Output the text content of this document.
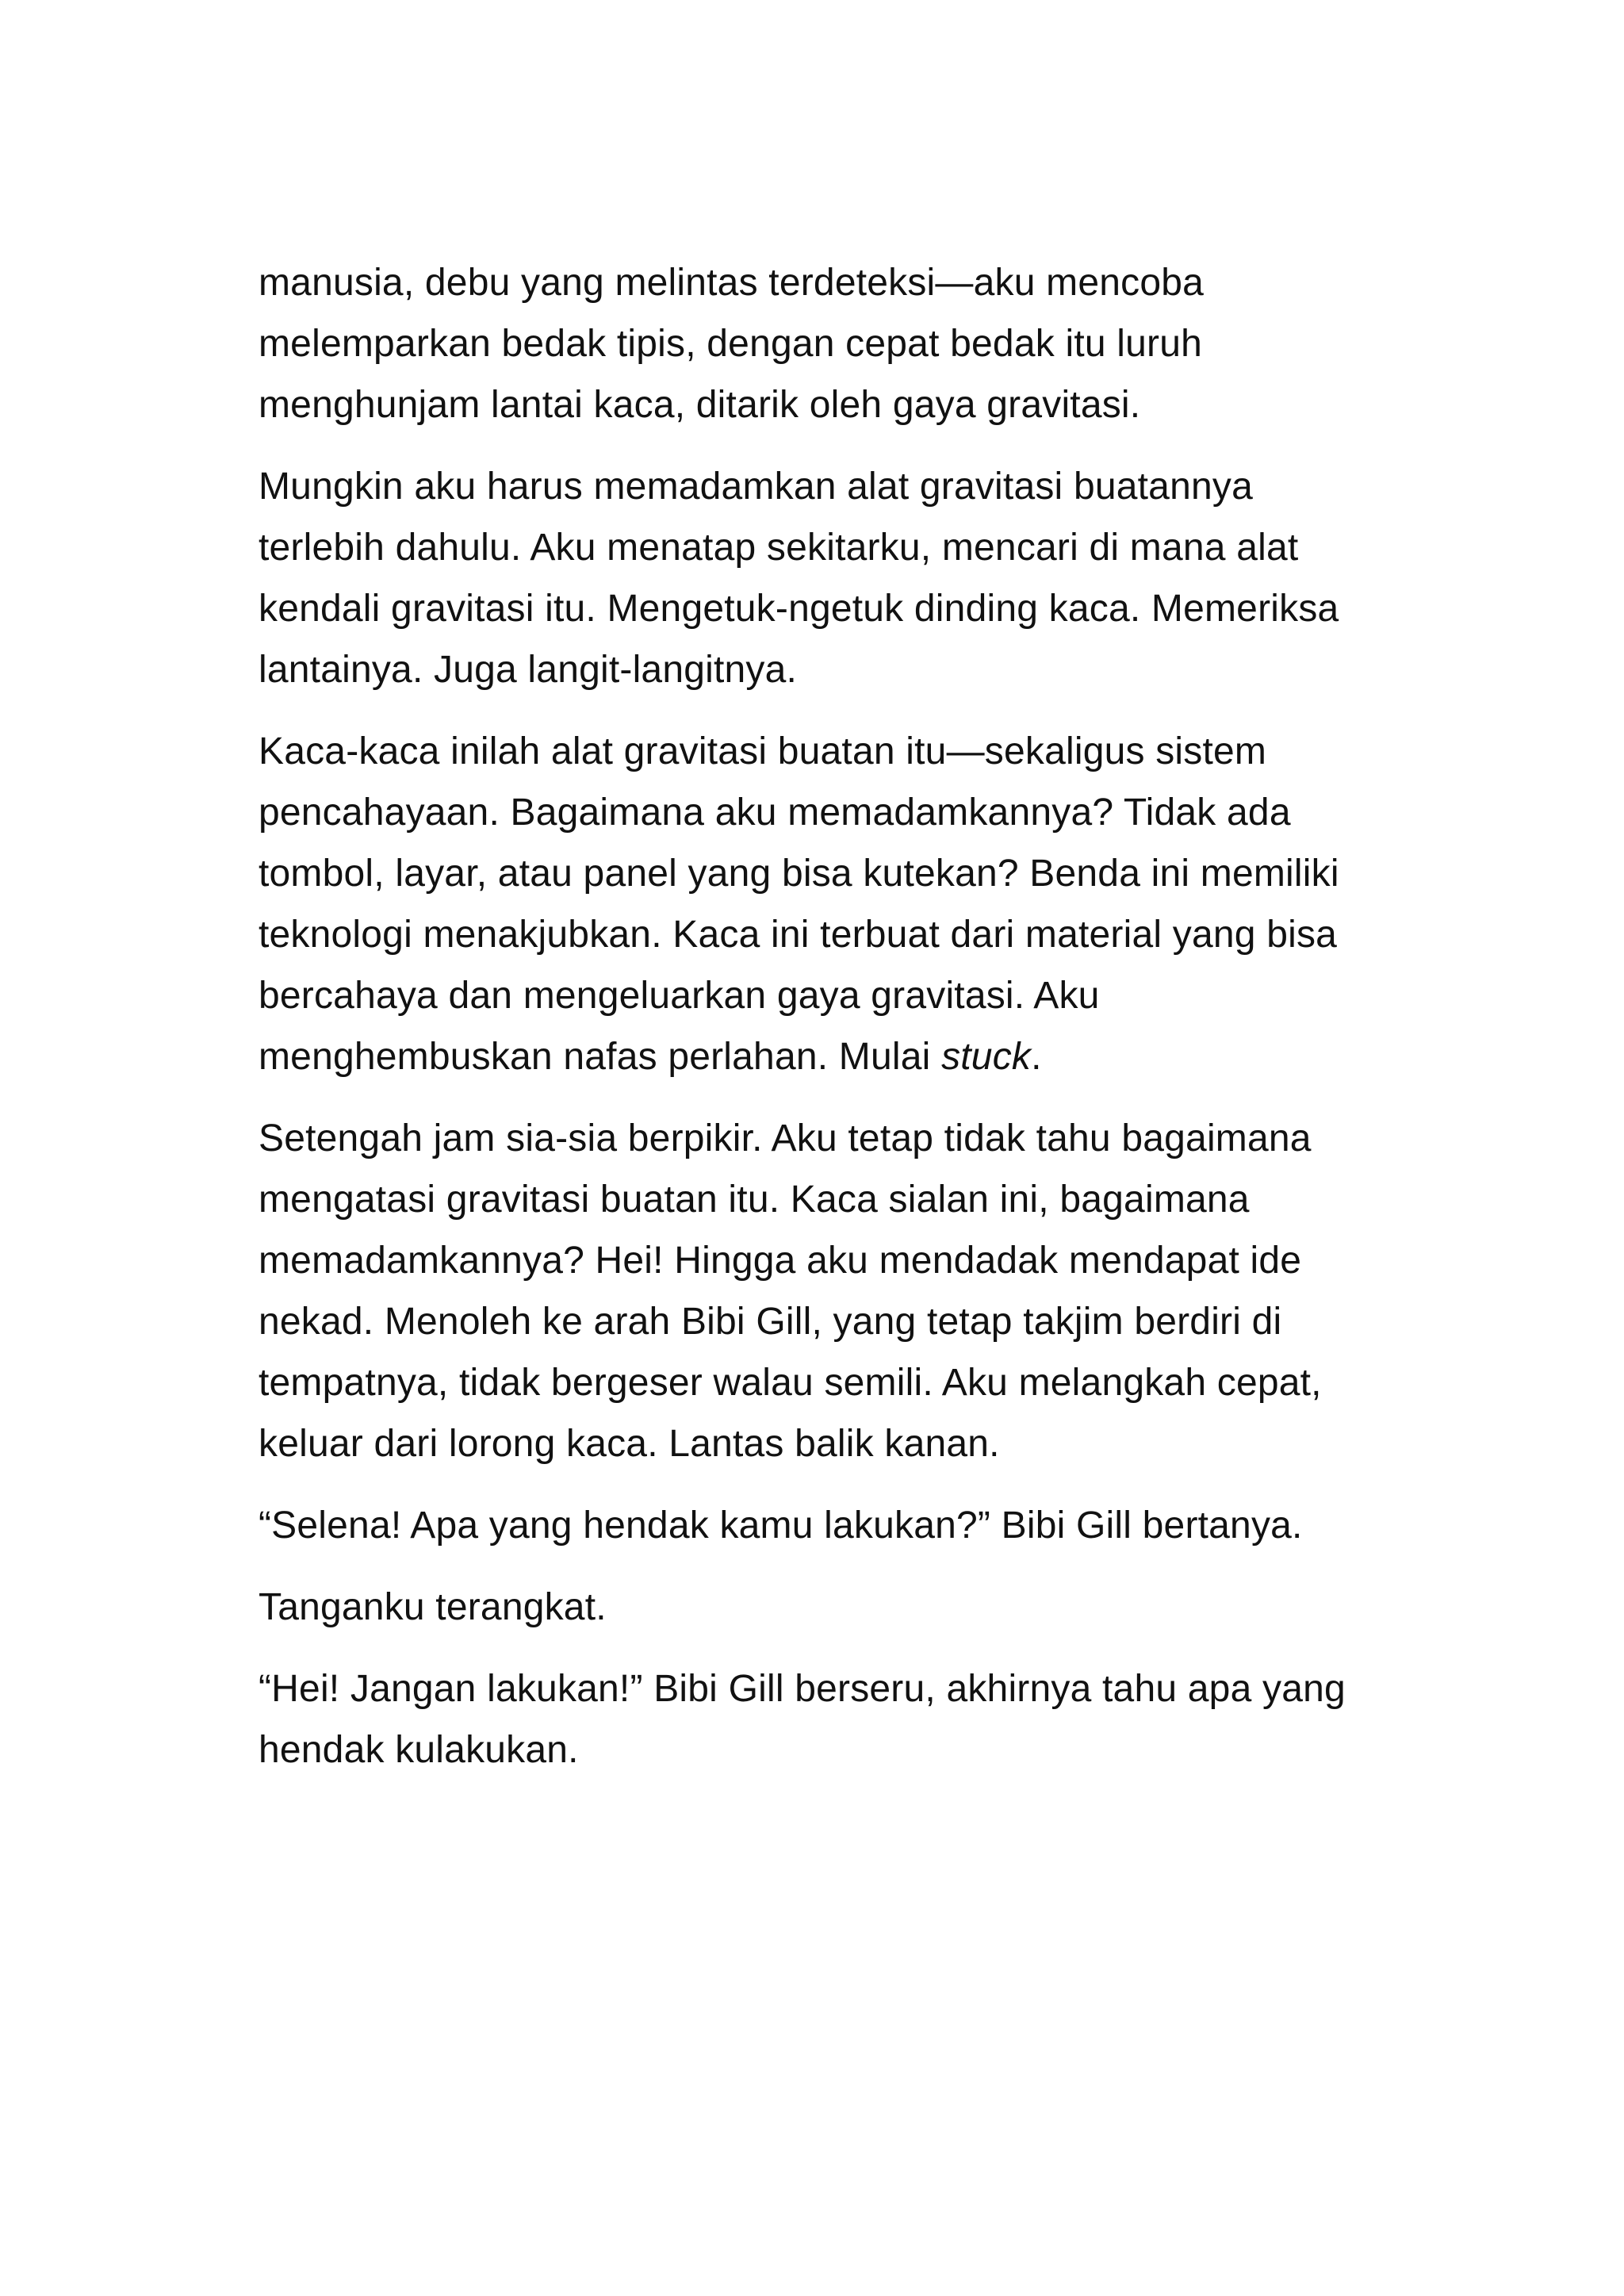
manusia, debu yang melintas terdeteksi—aku mencoba melemparkan bedak tipis, dengan cepat bedak itu luruh menghunjam lantai kaca, ditarik oleh gaya gravitasi.

Mungkin aku harus memadamkan alat gravitasi buatannya terlebih dahulu. Aku menatap sekitarku, mencari di mana alat kendali gravitasi itu. Mengetuk-ngetuk dinding kaca. Memeriksa lantainya. Juga langit-langitnya.

Kaca-kaca inilah alat gravitasi buatan itu—sekaligus sistem pencahayaan. Bagaimana aku memadamkannya? Tidak ada tombol, layar, atau panel yang bisa kutekan? Benda ini memiliki teknologi menakjubkan. Kaca ini terbuat dari material yang bisa bercahaya dan mengeluarkan gaya gravitasi. Aku menghembuskan nafas perlahan. Mulai stuck.

Setengah jam sia-sia berpikir. Aku tetap tidak tahu bagaimana mengatasi gravitasi buatan itu. Kaca sialan ini, bagaimana memadamkannya? Hei! Hingga aku mendadak mendapat ide nekad. Menoleh ke arah Bibi Gill, yang tetap takjim berdiri di tempatnya, tidak bergeser walau semili. Aku melangkah cepat, keluar dari lorong kaca. Lantas balik kanan.

“Selena! Apa yang hendak kamu lakukan?” Bibi Gill bertanya.

Tanganku terangkat.

“Hei! Jangan lakukan!” Bibi Gill berseru, akhirnya tahu apa yang hendak kulakukan.
